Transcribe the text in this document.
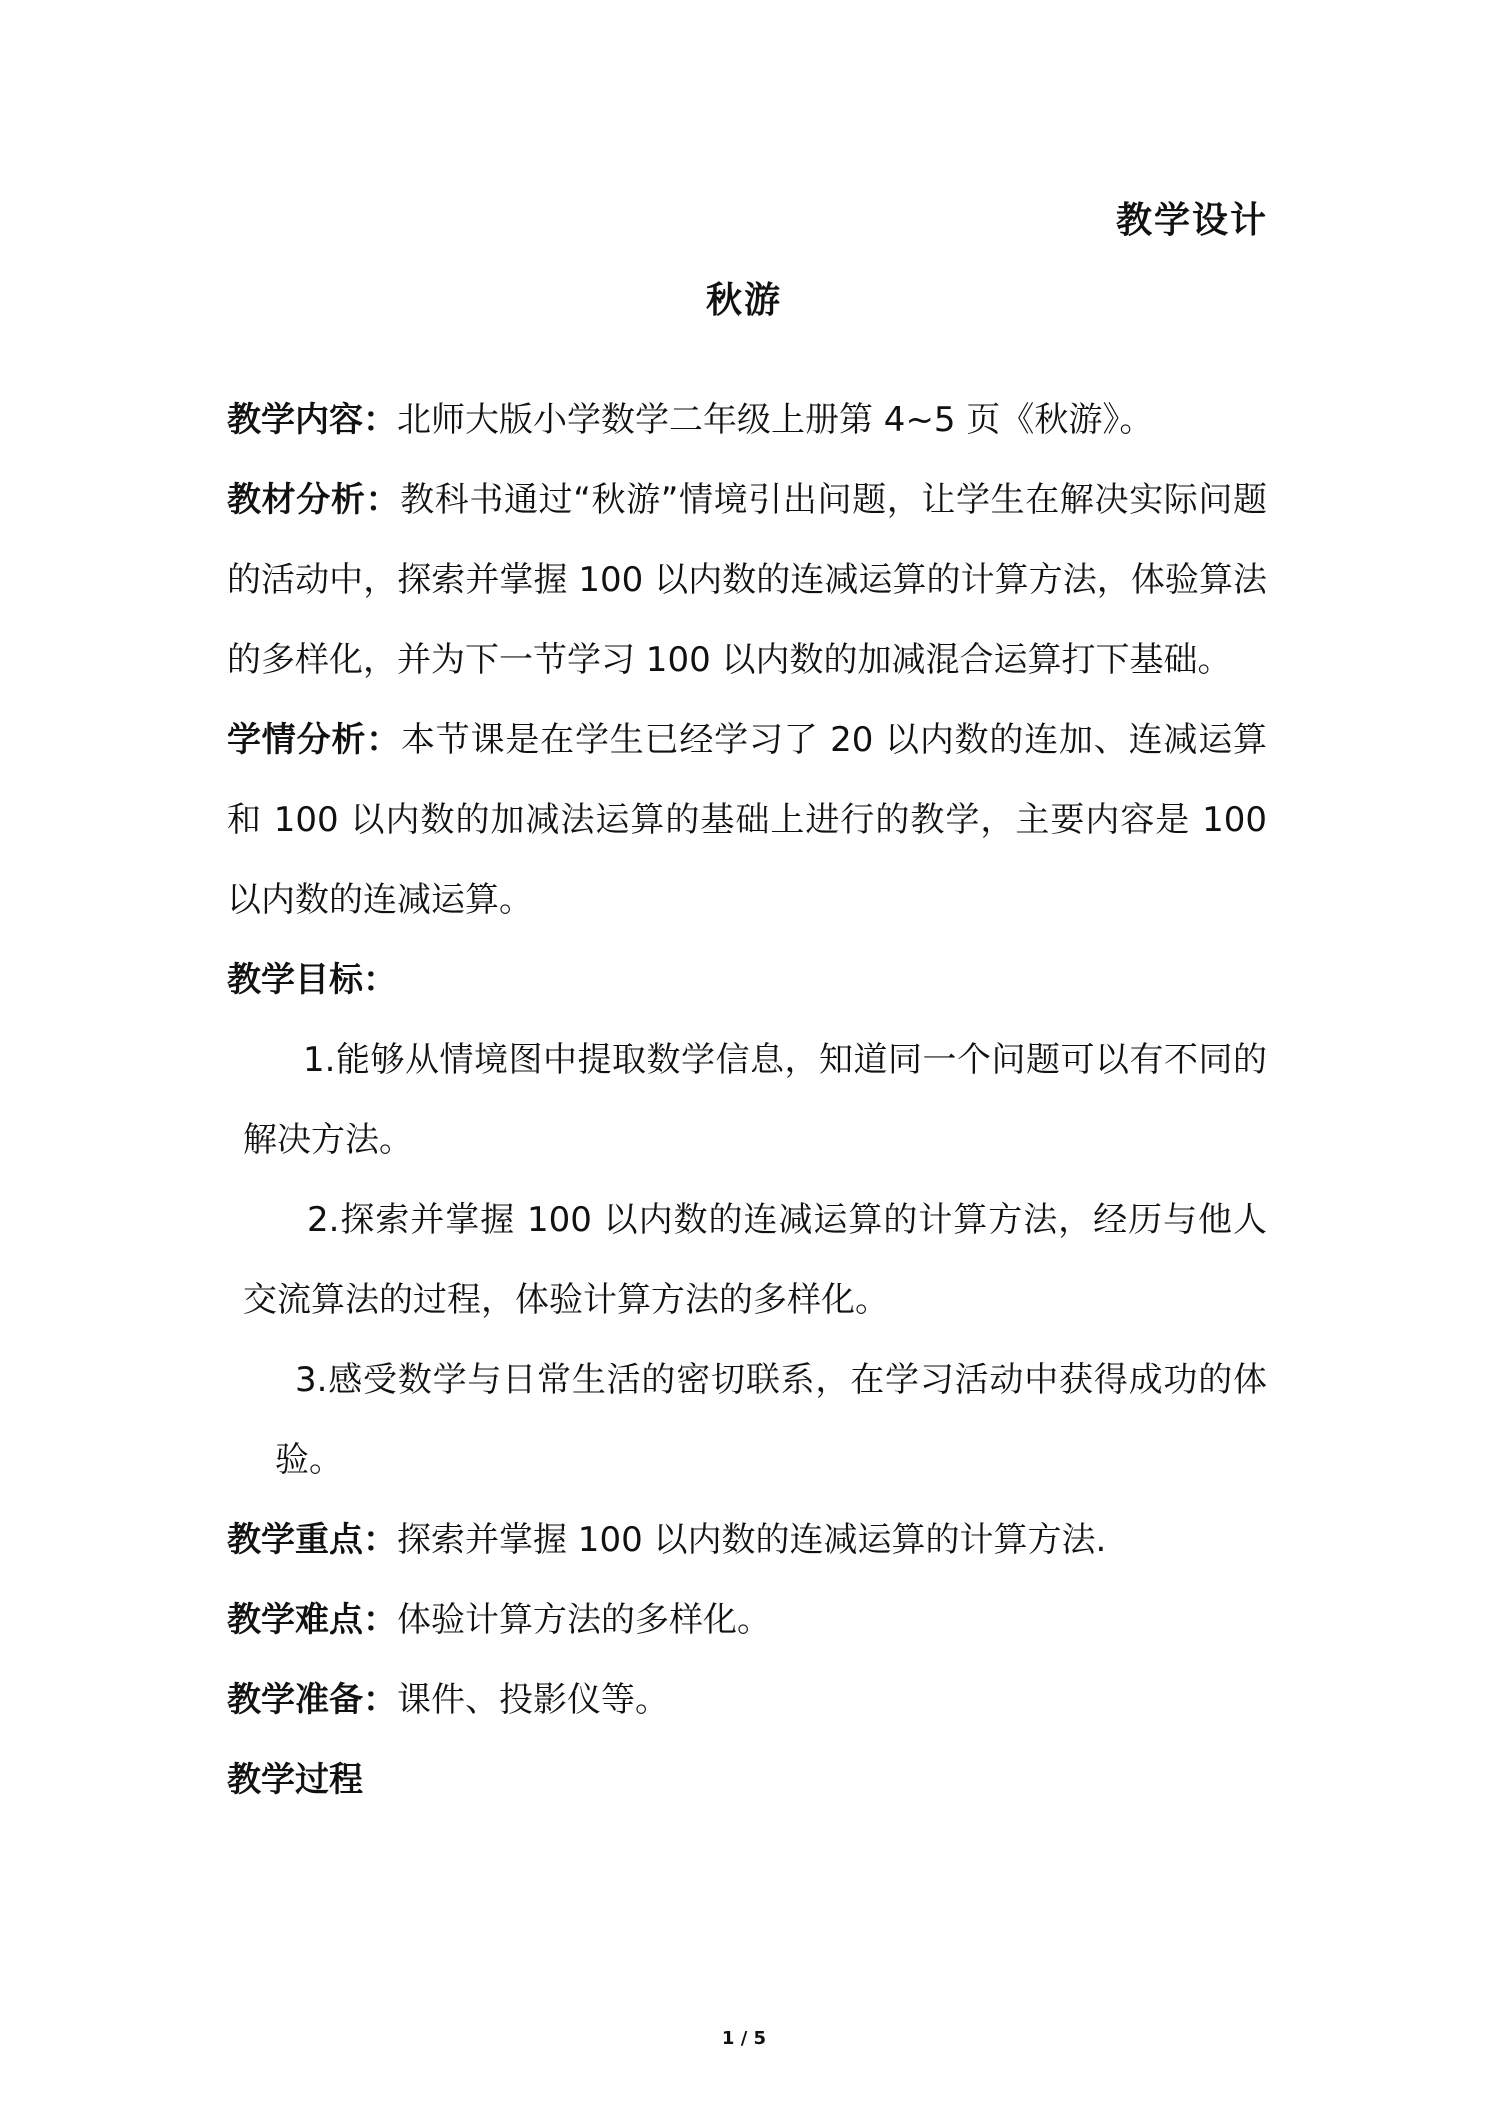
教学设计
秋游

教学内容：北师大版小学数学二年级上册第 4~5 页《秋游》。

教材分析：教科书通过“秋游”情境引出问题，让学生在解决实际问题的活动中，探索并掌握 100 以内数的连减运算的计算方法，体验算法的多样化，并为下一节学习 100 以内数的加减混合运算打下基础。

学情分析：本节课是在学生已经学习了 20 以内数的连加、连减运算和 100 以内数的加减法运算的基础上进行的教学，主要内容是 100 以内数的连减运算。

教学目标：

1.能够从情境图中提取数学信息，知道同一个问题可以有不同的解决方法。

2.探索并掌握 100 以内数的连减运算的计算方法，经历与他人交流算法的过程，体验计算方法的多样化。

3.感受数学与日常生活的密切联系，在学习活动中获得成功的体验。

教学重点：探索并掌握 100 以内数的连减运算的计算方法.

教学难点：体验计算方法的多样化。

教学准备：课件、投影仪等。

教学过程

1 / 5
